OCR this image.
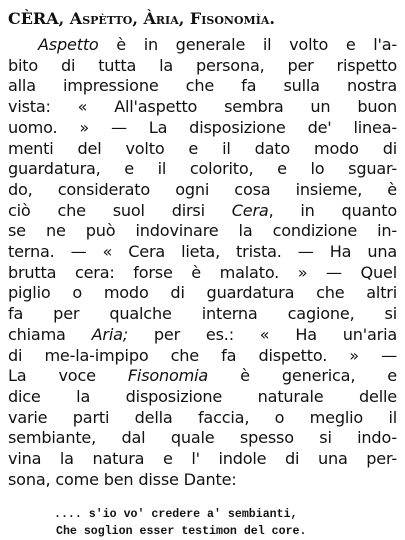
CÈRA, Aspètto, Ària, Fisonomìa.
Aspetto è in generale il volto e l'a-
bito di tutta la persona, per rispetto
alla impressione che fa sulla nostra
vista: « All'aspetto sembra un buon
uomo. » — La disposizione de' linea-
menti del volto e il dato modo di
guardatura, e il colorito, e lo sguar-
do, considerato ogni cosa insieme, è
ciò che suol dirsi Cera, in quanto
se ne può indovinare la condizione in-
terna. — « Cera lieta, trista. — Ha una
brutta cera: forse è malato. » — Quel
piglio o modo di guardatura che altri
fa per qualche interna cagione, si
chiama Aria; per es.: « Ha un'aria
di me-la-impipo che fa dispetto. » —
La voce Fisonomia è generica, e
dice la disposizione naturale delle
varie parti della faccia, o meglio il
sembiante, dal quale spesso si indo-
vina la natura e l' indole di una per-
sona, come ben disse Dante:
.... s'io vo' credere a' sembianti,
Che soglion esser testimon del core.
